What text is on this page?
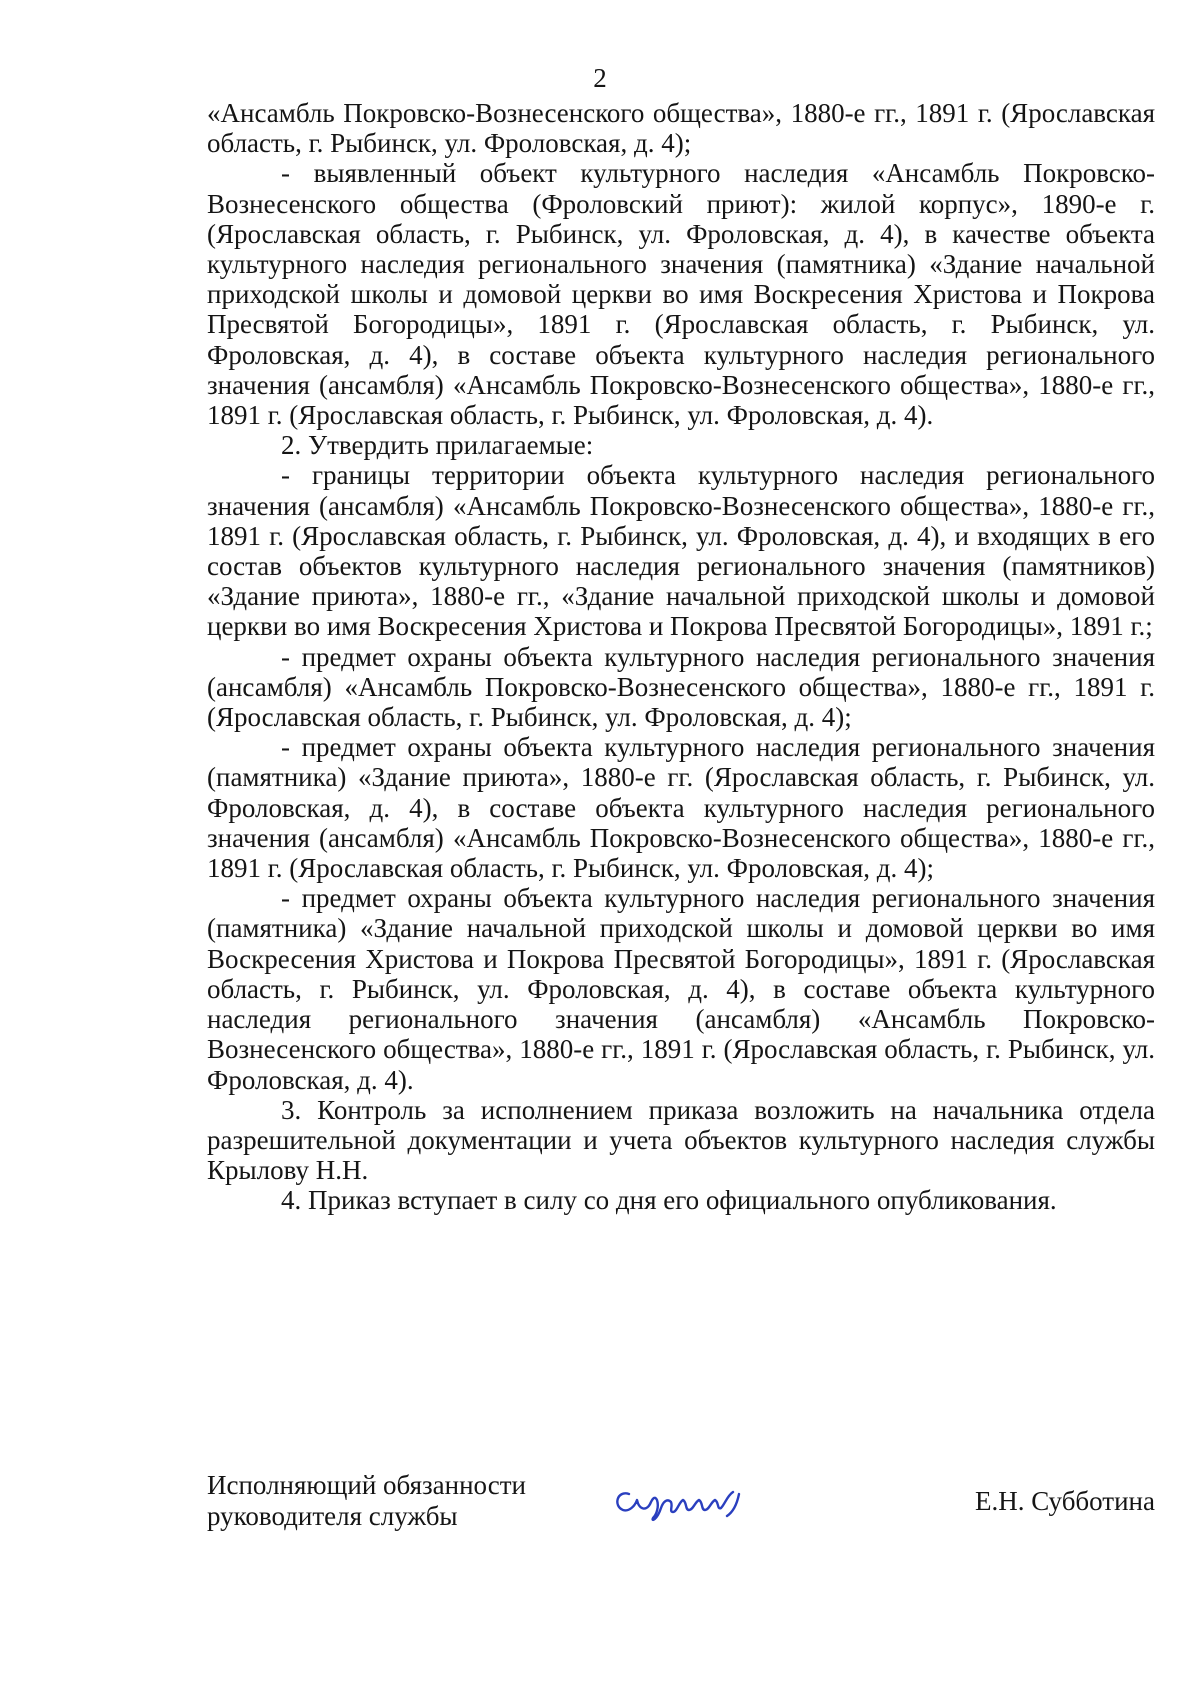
2

«Ансамбль Покровско-Вознесенского общества», 1880-е гг., 1891 г. (Ярославская область, г. Рыбинск, ул. Фроловская, д. 4);

- выявленный объект культурного наследия «Ансамбль Покровско-Вознесенского общества (Фроловский приют): жилой корпус», 1890-е г. (Ярославская область, г. Рыбинск, ул. Фроловская, д. 4), в качестве объекта культурного наследия регионального значения (памятника) «Здание начальной приходской школы и домовой церкви во имя Воскресения Христова и Покрова Пресвятой Богородицы», 1891 г. (Ярославская область, г. Рыбинск, ул. Фроловская, д. 4), в составе объекта культурного наследия регионального значения (ансамбля) «Ансамбль Покровско-Вознесенского общества», 1880-е гг., 1891 г. (Ярославская область, г. Рыбинск, ул. Фроловская, д. 4).

2. Утвердить прилагаемые:

- границы территории объекта культурного наследия регионального значения (ансамбля) «Ансамбль Покровско-Вознесенского общества», 1880-е гг., 1891 г. (Ярославская область, г. Рыбинск, ул. Фроловская, д. 4), и входящих в его состав объектов культурного наследия регионального значения (памятников) «Здание приюта», 1880-е гг., «Здание начальной приходской школы и домовой церкви во имя Воскресения Христова и Покрова Пресвятой Богородицы», 1891 г.;

- предмет охраны объекта культурного наследия регионального значения (ансамбля) «Ансамбль Покровско-Вознесенского общества», 1880-е гг., 1891 г. (Ярославская область, г. Рыбинск, ул. Фроловская, д. 4);

- предмет охраны объекта культурного наследия регионального значения (памятника) «Здание приюта», 1880-е гг. (Ярославская область, г. Рыбинск, ул. Фроловская, д. 4), в составе объекта культурного наследия регионального значения (ансамбля) «Ансамбль Покровско-Вознесенского общества», 1880-е гг., 1891 г. (Ярославская область, г. Рыбинск, ул. Фроловская, д. 4);

- предмет охраны объекта культурного наследия регионального значения (памятника) «Здание начальной приходской школы и домовой церкви во имя Воскресения Христова и Покрова Пресвятой Богородицы», 1891 г. (Ярославская область, г. Рыбинск, ул. Фроловская, д. 4), в составе объекта культурного наследия регионального значения (ансамбля) «Ансамбль Покровско-Вознесенского общества», 1880-е гг., 1891 г. (Ярославская область, г. Рыбинск, ул. Фроловская, д. 4).

3. Контроль за исполнением приказа возложить на начальника отдела разрешительной документации и учета объектов культурного наследия службы Крылову Н.Н.

4. Приказ вступает в силу со дня его официального опубликования.

Исполняющий обязанности
руководителя службы	Е.Н. Субботина
